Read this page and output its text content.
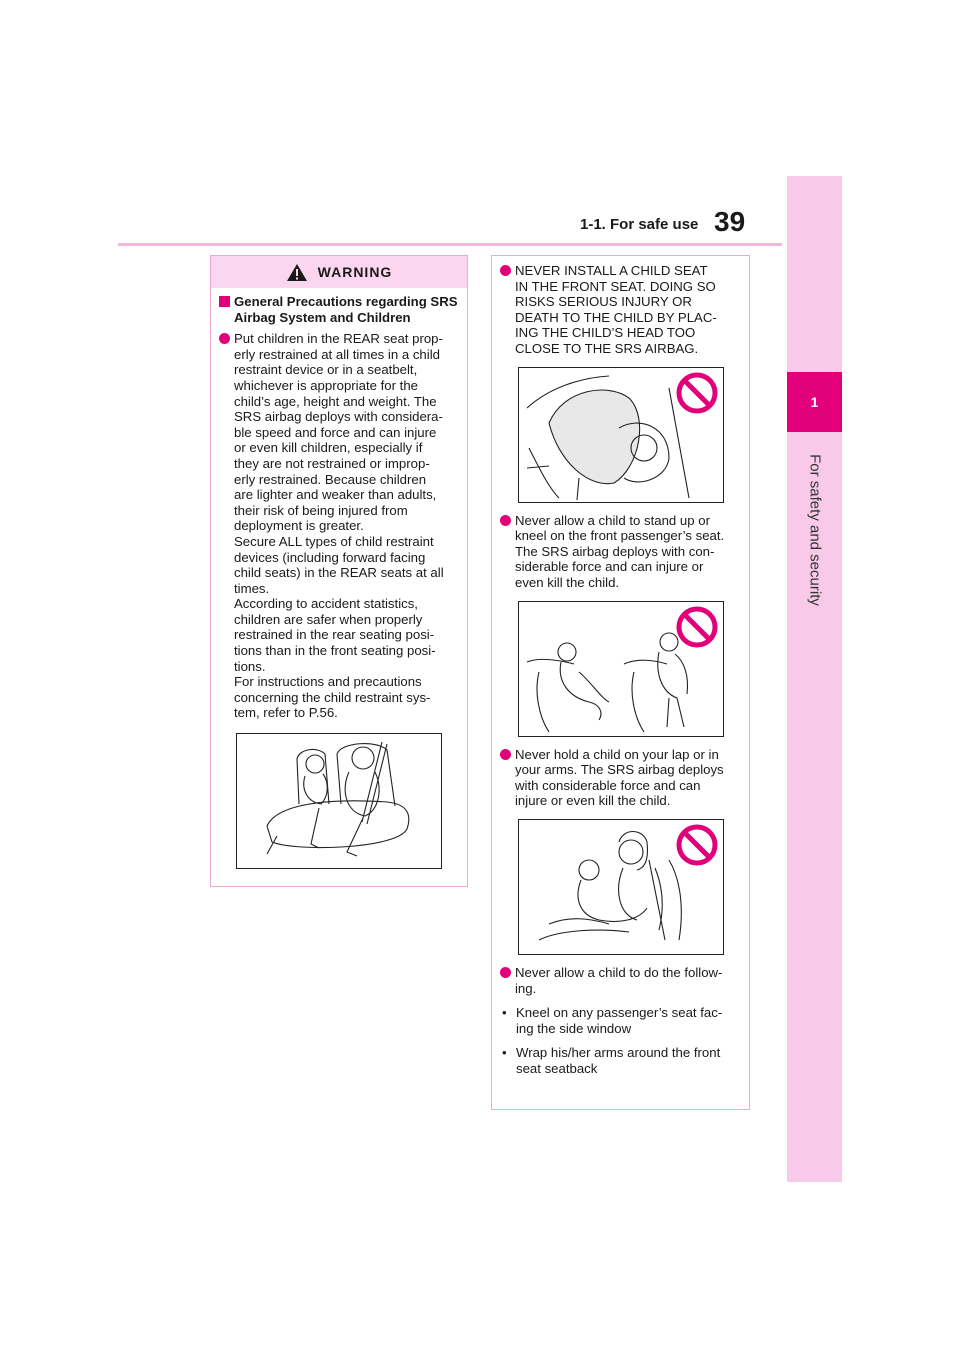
1-1. For safe use 39
1
For safety and security
WARNING
General Precautions regarding SRS Airbag System and Children
Put children in the REAR seat prop-
erly restrained at all times in a child
restraint device or in a seatbelt,
whichever is appropriate for the
child’s age, height and weight. The
SRS airbag deploys with considera-
ble speed and force and can injure
or even kill children, especially if
they are not restrained or improp-
erly restrained. Because children
are lighter and weaker than adults,
their risk of being injured from
deployment is greater.
Secure ALL types of child restraint
devices (including forward facing
child seats) in the REAR seats at all
times.
According to accident statistics,
children are safer when properly
restrained in the rear seating posi-
tions than in the front seating posi-
tions.
For instructions and precautions
concerning the child restraint sys-
tem, refer to P.56.
NEVER INSTALL A CHILD SEAT
IN THE FRONT SEAT. DOING SO
RISKS SERIOUS INJURY OR
DEATH TO THE CHILD BY PLAC-
ING THE CHILD’S HEAD TOO
CLOSE TO THE SRS AIRBAG.
Never allow a child to stand up or
kneel on the front passenger’s seat.
The SRS airbag deploys with con-
siderable force and can injure or
even kill the child.
Never hold a child on your lap or in
your arms. The SRS airbag deploys
with considerable force and can
injure or even kill the child.
Never allow a child to do the follow-
ing.
• Kneel on any passenger’s seat fac-
ing the side window
• Wrap his/her arms around the front
seat seatback
